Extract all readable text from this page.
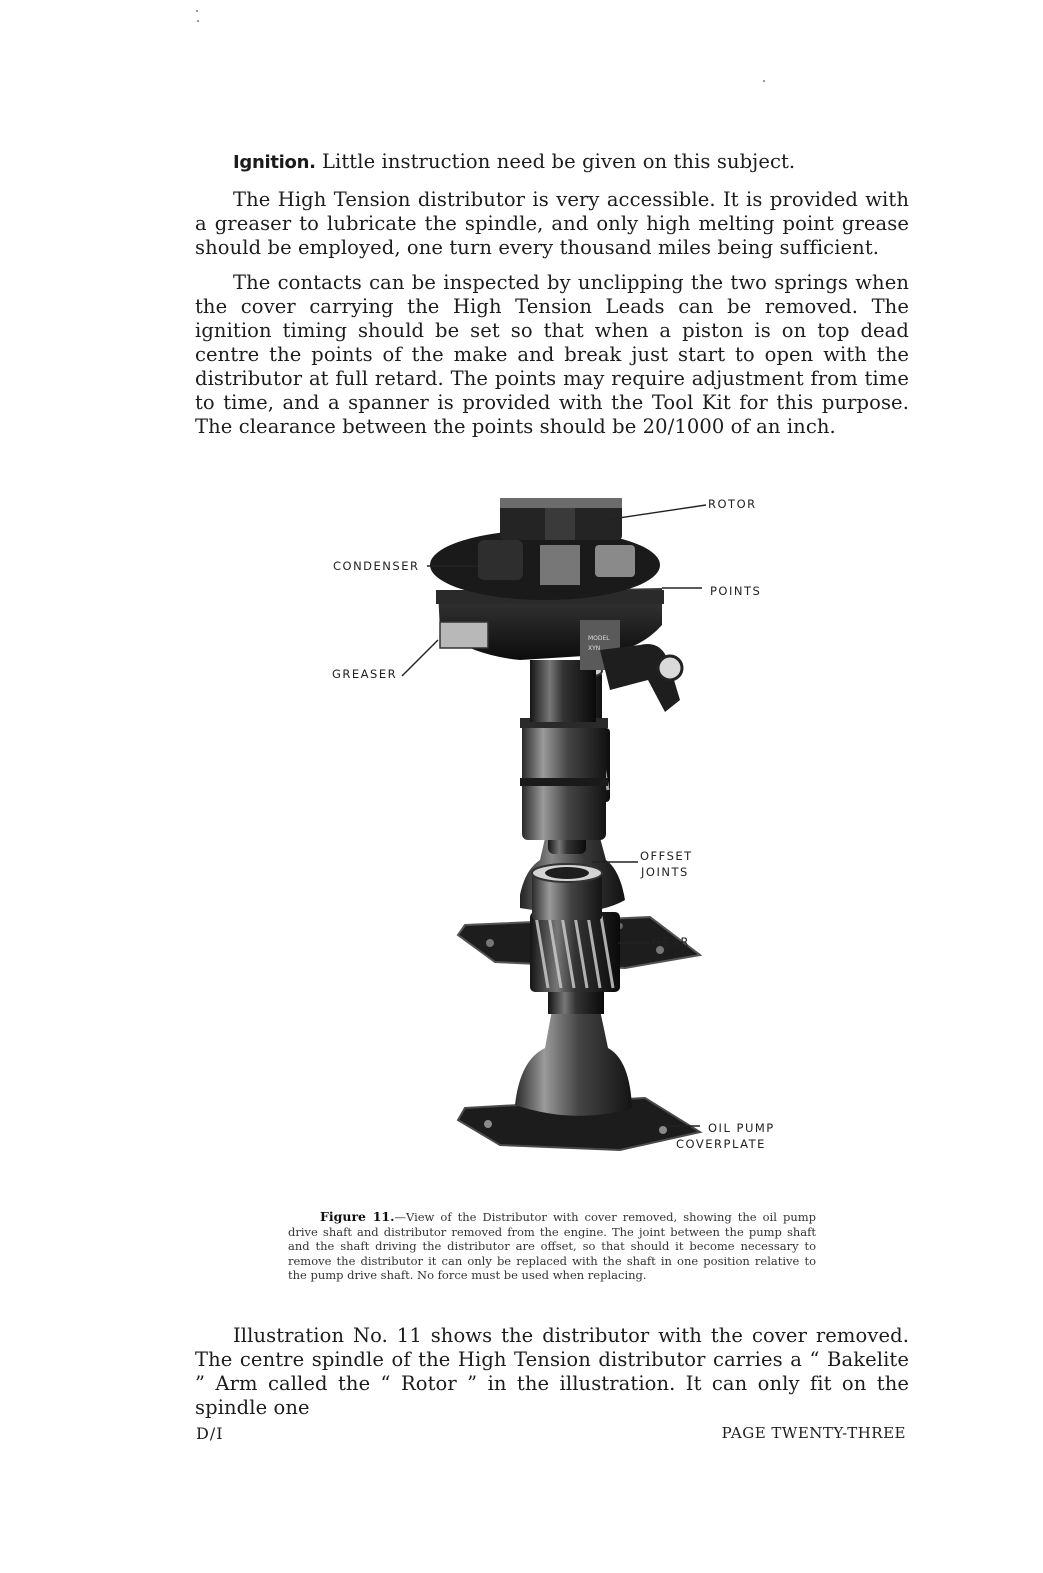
Ignition. Little instruction need be given on this subject.

The High Tension distributor is very accessible. It is provided with a greaser to lubricate the spindle, and only high melting point grease should be employed, one turn every thousand miles being sufficient.

The contacts can be inspected by unclipping the two springs when the cover carrying the High Tension Leads can be removed. The ignition timing should be set so that when a piston is on top dead centre the points of the make and break just start to open with the distributor at full retard. The points may require adjustment from time to time, and a spanner is provided with the Tool Kit for this purpose. The clearance between the points should be 20/1000 of an inch.

MODEL
XYN
ROTOR
CONDENSER
POINTS
GREASER
OFFSET
JOINTS
GEAR
OIL PUMP
COVERPLATE

Figure 11.—View of the Distributor with cover removed, showing the oil pump drive shaft and distributor removed from the engine. The joint between the pump shaft and the shaft driving the distributor are offset, so that should it become necessary to remove the distributor it can only be replaced with the shaft in one position relative to the pump drive shaft. No force must be used when replacing.

Illustration No. 11 shows the distributor with the cover removed. The centre spindle of the High Tension distributor carries a “ Bakelite ” Arm called the “ Rotor ” in the illustration. It can only fit on the spindle one

D/I	PAGE TWENTY-THREE
